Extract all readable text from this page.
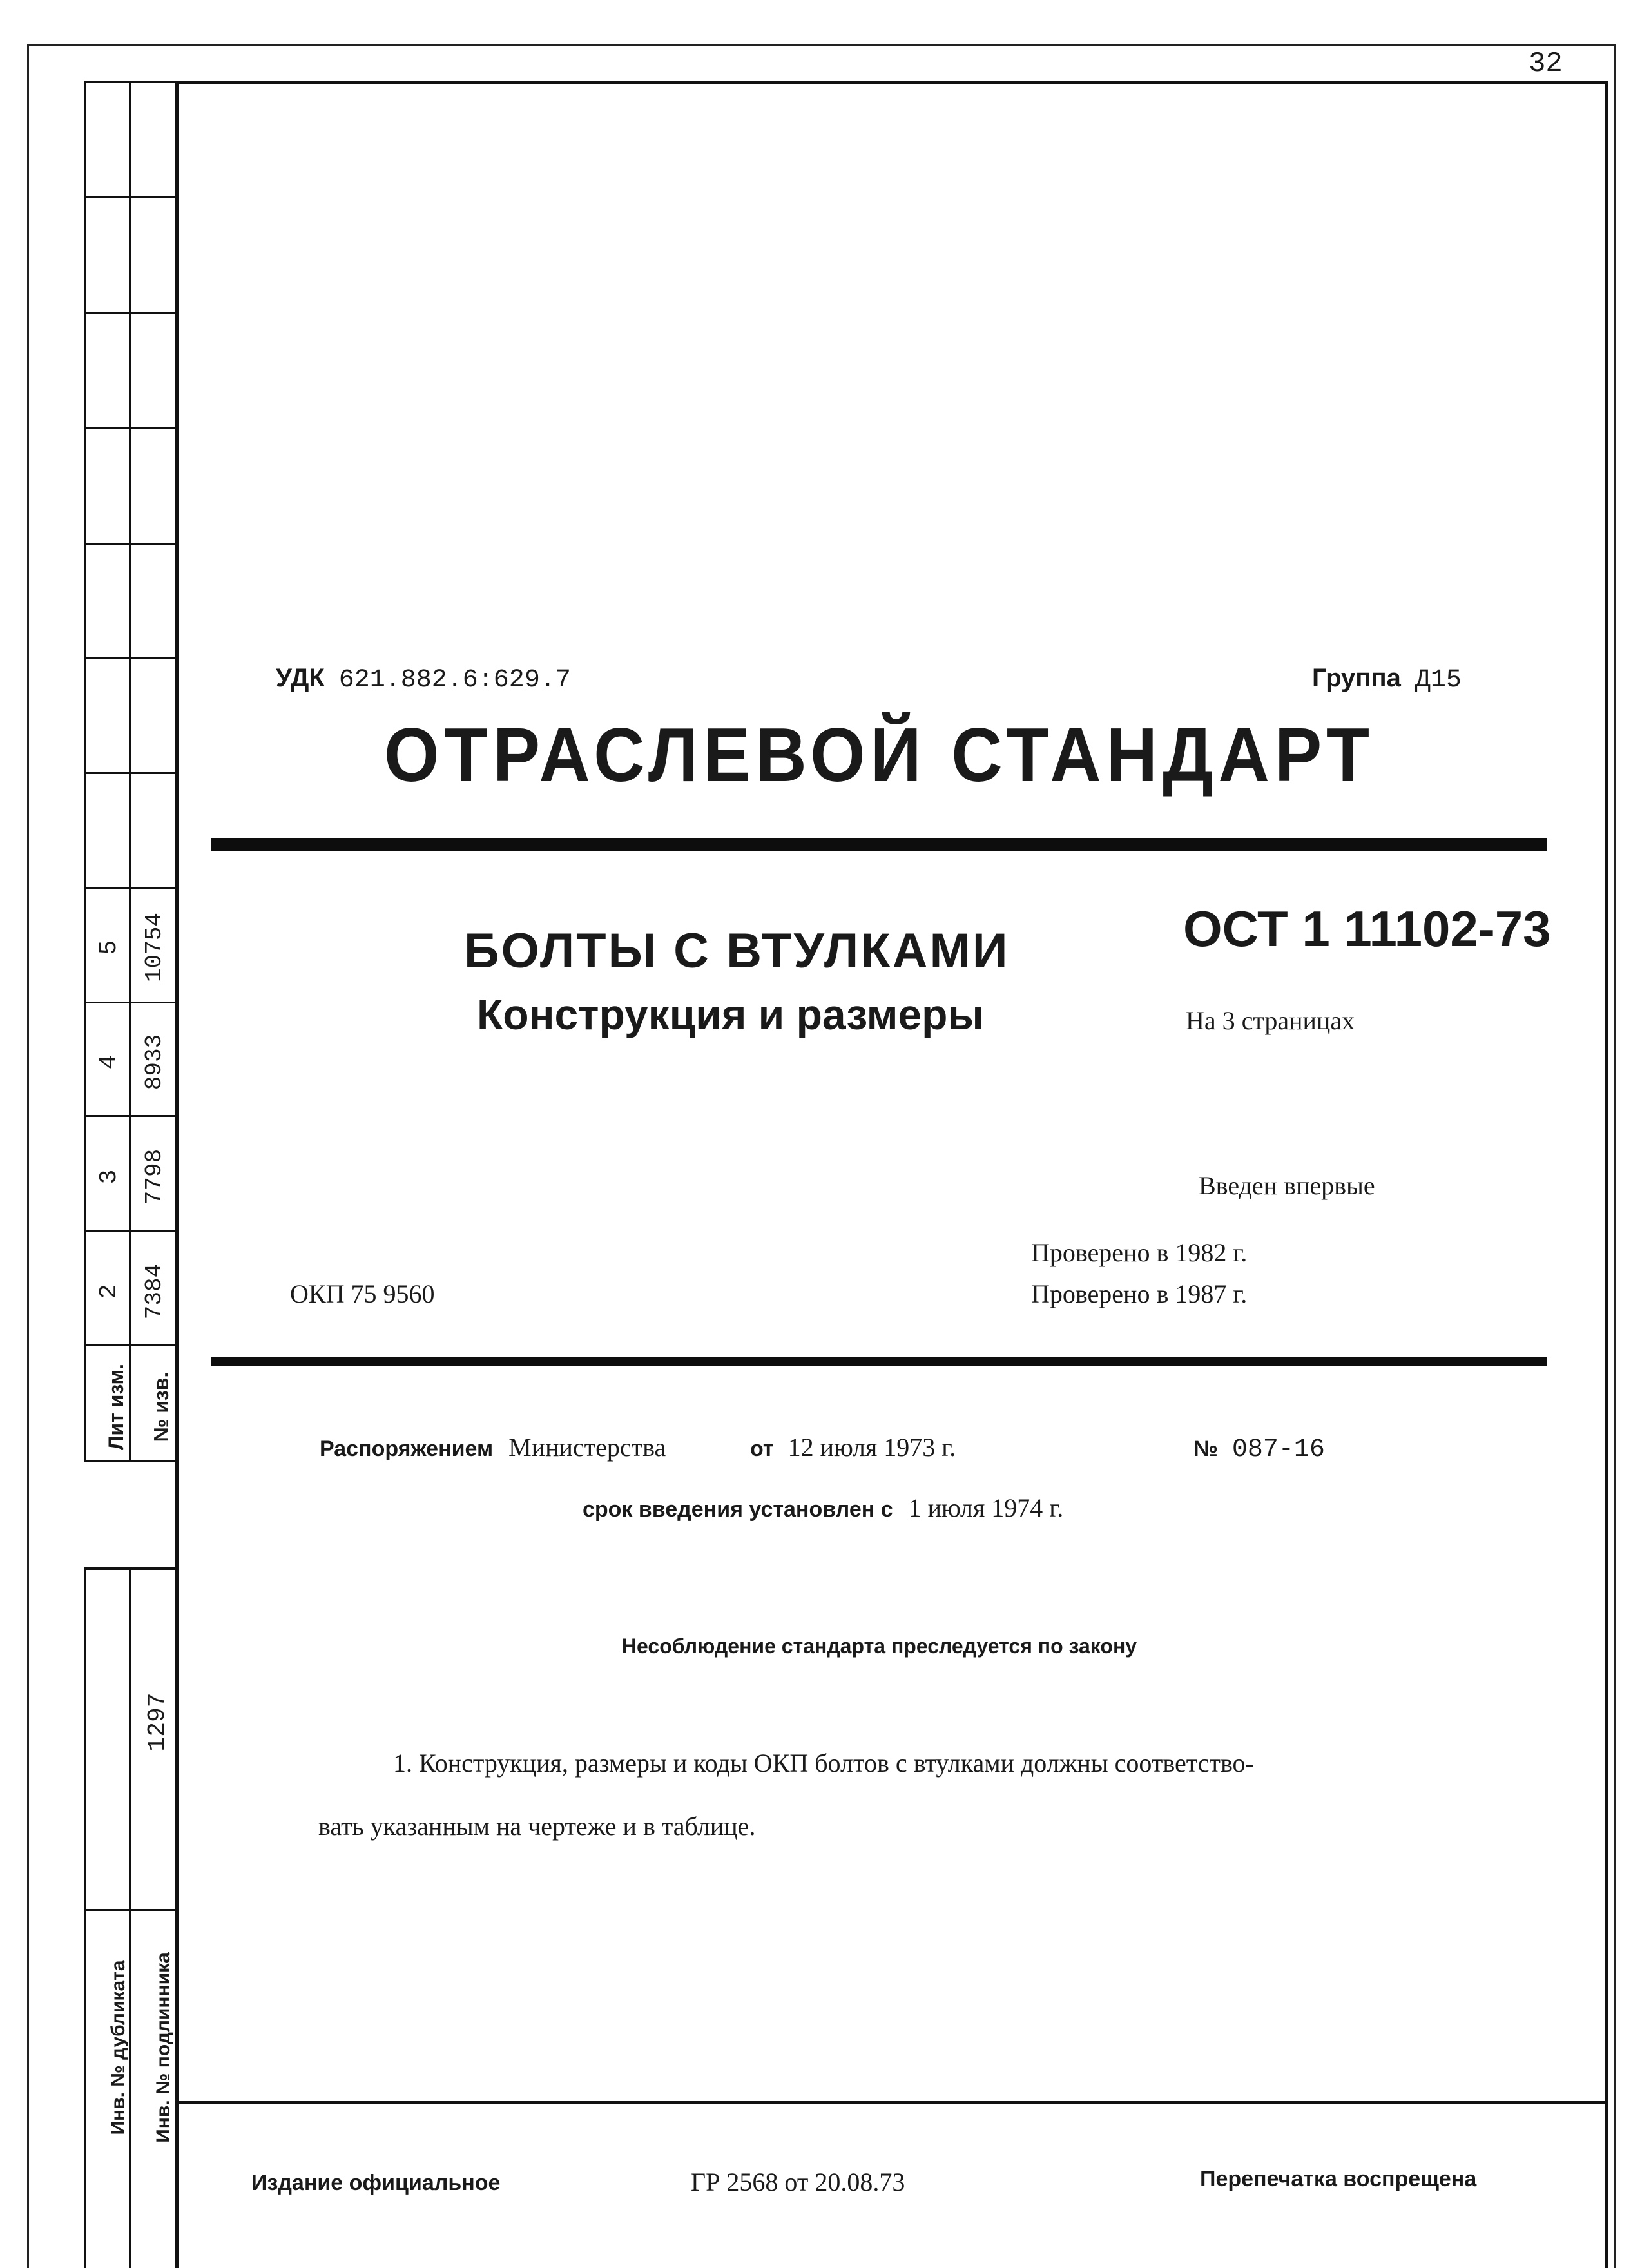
32
Лит изм. № изв.
2 7384
3 7798
4 8933
5 10754
1297
Инв. № дубликата Инв. № подлинника
УДК 621.882.6:629.7	Группа Д15
ОТРАСЛЕВОЙ СТАНДАРТ
БОЛТЫ С ВТУЛКАМИ
Конструкция и размеры
ОСТ 1 11102-73
На 3 страницах
Введен впервые
Проверено в 1982 г.
Проверено в 1987 г.
ОКП 75 9560
Распоряжением Министерства	от 12 июля 1973 г.	№ 087-16
срок введения установлен с 1 июля 1974 г.
Несоблюдение стандарта преследуется по закону
1. Конструкция, размеры и коды ОКП болтов с втулками должны соответство-
вать указанным на чертеже и в таблице.
Издание официальное	ГР 2568 от 20.08.73	Перепечатка воспрещена
